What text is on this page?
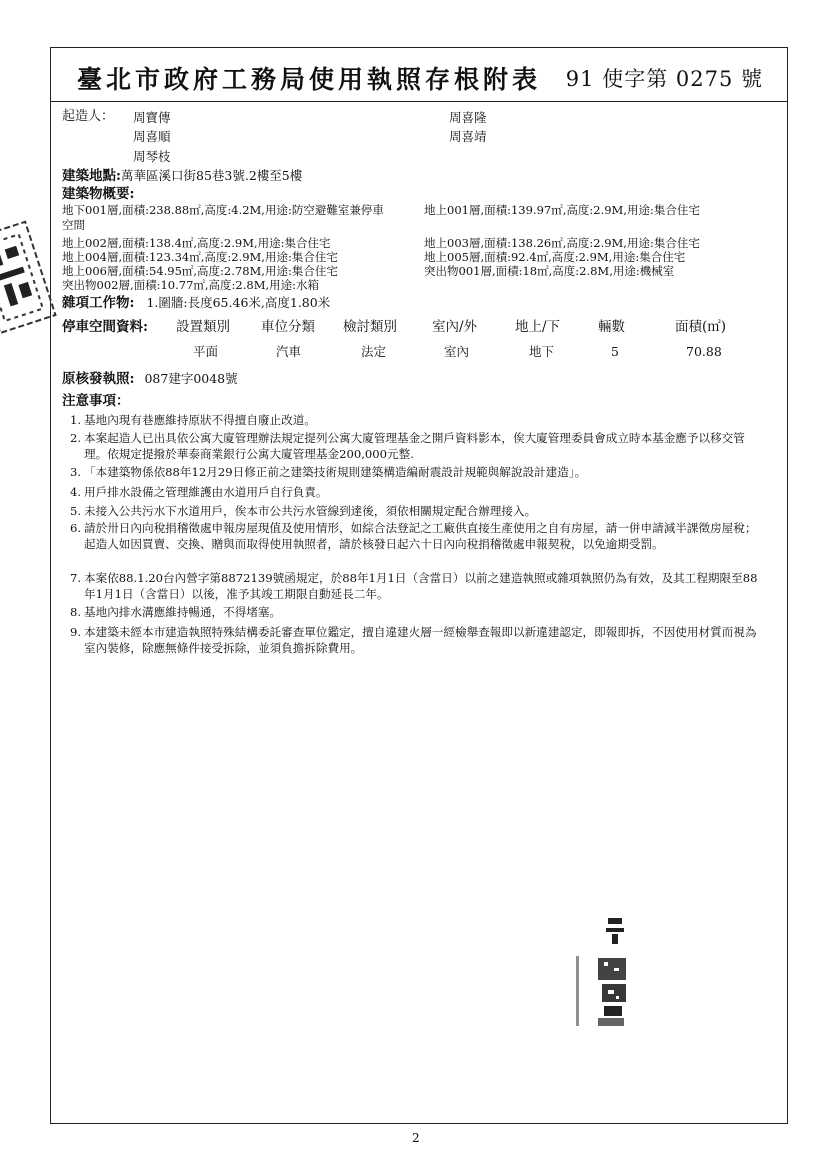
臺北市政府工務局使用執照存根附表 91 使字第 0275 號
起造人： 周寶傳	周喜隆
周喜順	周喜靖
周琴枝
建築地點:萬華區溪口街85巷3號.2樓至5樓
建築物概要:
地下001層,面積:238.88㎡,高度:4.2M,用途:防空避難室兼停車	地上001層,面積:139.97㎡,高度:2.9M,用途:集合住宅
空間
地上002層,面積:138.4㎡,高度:2.9M,用途:集合住宅	地上003層,面積:138.26㎡,高度:2.9M,用途:集合住宅
地上004層,面積:123.34㎡,高度:2.9M,用途:集合住宅	地上005層,面積:92.4㎡,高度:2.9M,用途:集合住宅
地上006層,面積:54.95㎡,高度:2.78M,用途:集合住宅	突出物001層,面積:18㎡,高度:2.8M,用途:機械室
突出物002層,面積:10.77㎡,高度:2.8M,用途:水箱
雜項工作物: 1.圍牆:長度65.46米,高度1.80米
停車空間資料: 設置類別 車位分類 檢討類別	室內/外	地上/下	輛數	面積(㎡)
平面	汽車	法定	室內	地下	5	70.88
原核發執照: 087建字0048號
注意事項：
1. 基地內現有巷應維持原狀不得擅自廢止改道。
2. 本案起造人已出具依公寓大廈管理辦法規定提列公寓大廈管理基金之開戶資料影本，俟大廈管理委員會成立時本基金應予以移交管理。依規定提撥於華泰商業銀行公寓大廈管理基金200,000元整.
3. 「本建築物係依88年12月29日修正前之建築技術規則建築構造編耐震設計規範與解說設計建造」。
4. 用戶排水設備之管理維護由水道用戶自行負責。
5. 未接入公共污水下水道用戶，俟本市公共污水管線到達後，須依相關規定配合辦理接入。
6. 請於卅日內向稅捐稽徵處申報房屋現值及使用情形，如綜合法登記之工廠供直接生產使用之自有房屋，請一併申請減半課徵房屋稅；起造人如因買賣、交換、贈與而取得使用執照者，請於核發日起六十日內向稅捐稽徵處申報契稅，以免逾期受罰。
7. 本案依88.1.20台內營字第8872139號函規定，於88年1月1日（含當日）以前之建造執照或雜項執照仍為有效，及其工程期限至88年1月1日（含當日）以後，准予其竣工期限自動延長二年。
8. 基地內排水溝應維持暢通，不得堵塞。
9. 本建築未經本市建造執照特殊結構委託審查單位鑑定，擅自違建火層一經檢舉查報即以新違建認定，即報即拆，不因使用材質而視為室內裝修，除應無條件接受拆除，並須負擔拆除費用。
2
